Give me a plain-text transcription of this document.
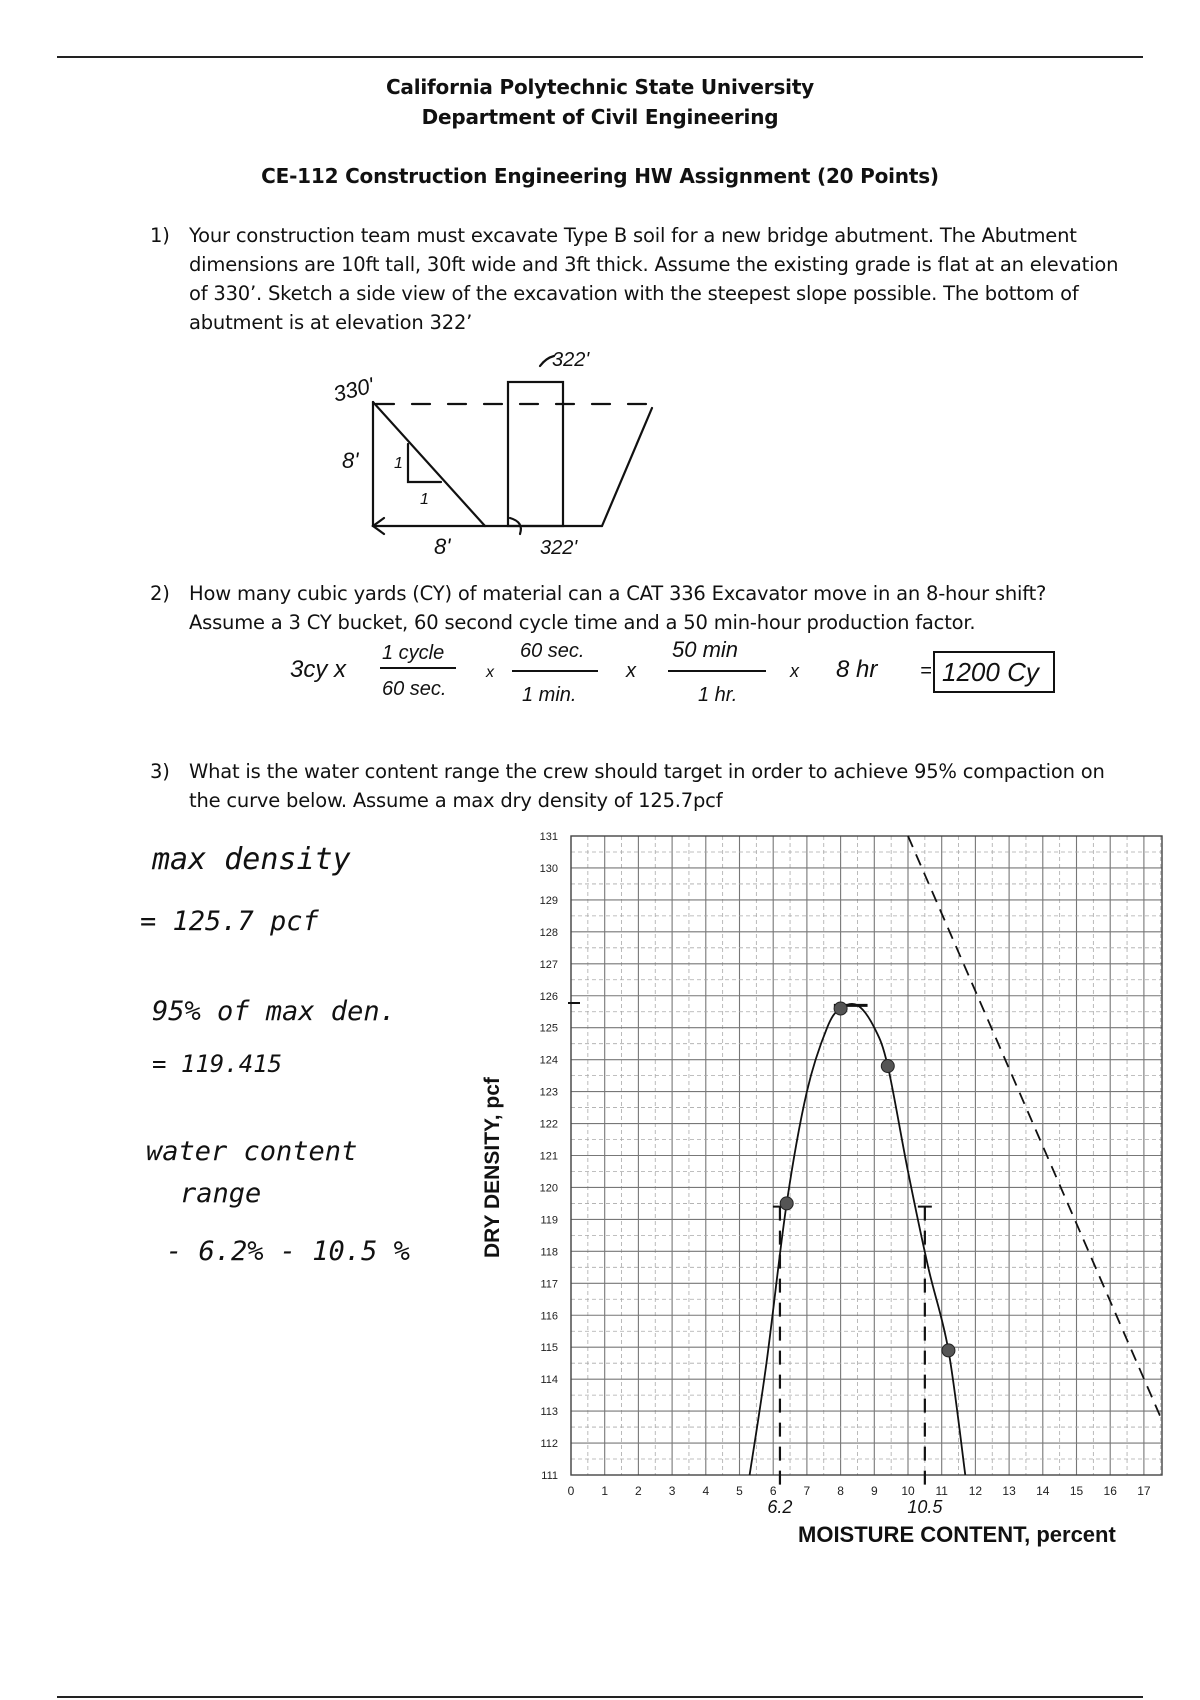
California Polytechnic State University
Department of Civil Engineering
CE-112 Construction Engineering HW Assignment (20 Points)
1) Your construction team must excavate Type B soil for a new bridge abutment. The Abutment dimensions are 10ft tall, 30ft wide and 3ft thick. Assume the existing grade is flat at an elevation of 330’. Sketch a side view of the excavation with the steepest slope possible. The bottom of abutment is at elevation 322’
330'
322'
8' 1
1
8'	322'
2) How many cubic yards (CY) of material can a CAT 336 Excavator move in an 8-hour shift? Assume a 3 CY bucket, 60 second cycle time and a 50 min-hour production factor.
3cy x
1 cycle
60 sec.
x
60 sec.
1 min.
x
50 min
1 hr.
x 8 hr = 1200 Cy
3) What is the water content range the crew should target in order to achieve 95% compaction on the curve below. Assume a max dry density of 125.7pcf
max density
= 125.7 pcf
95% of max den.
= 119.415
water content
range
- 6.2% - 10.5 %
111
112
113
114
115
116
117
118
119
120
121
122
123
124
125
126
127
128
129
130
131
0 1 2 3 4 5 6 7 8 9 10 11 12 13 14 15 16 17
6.2	10.5
DRY DENSITY, pcf
MOISTURE CONTENT, percent
